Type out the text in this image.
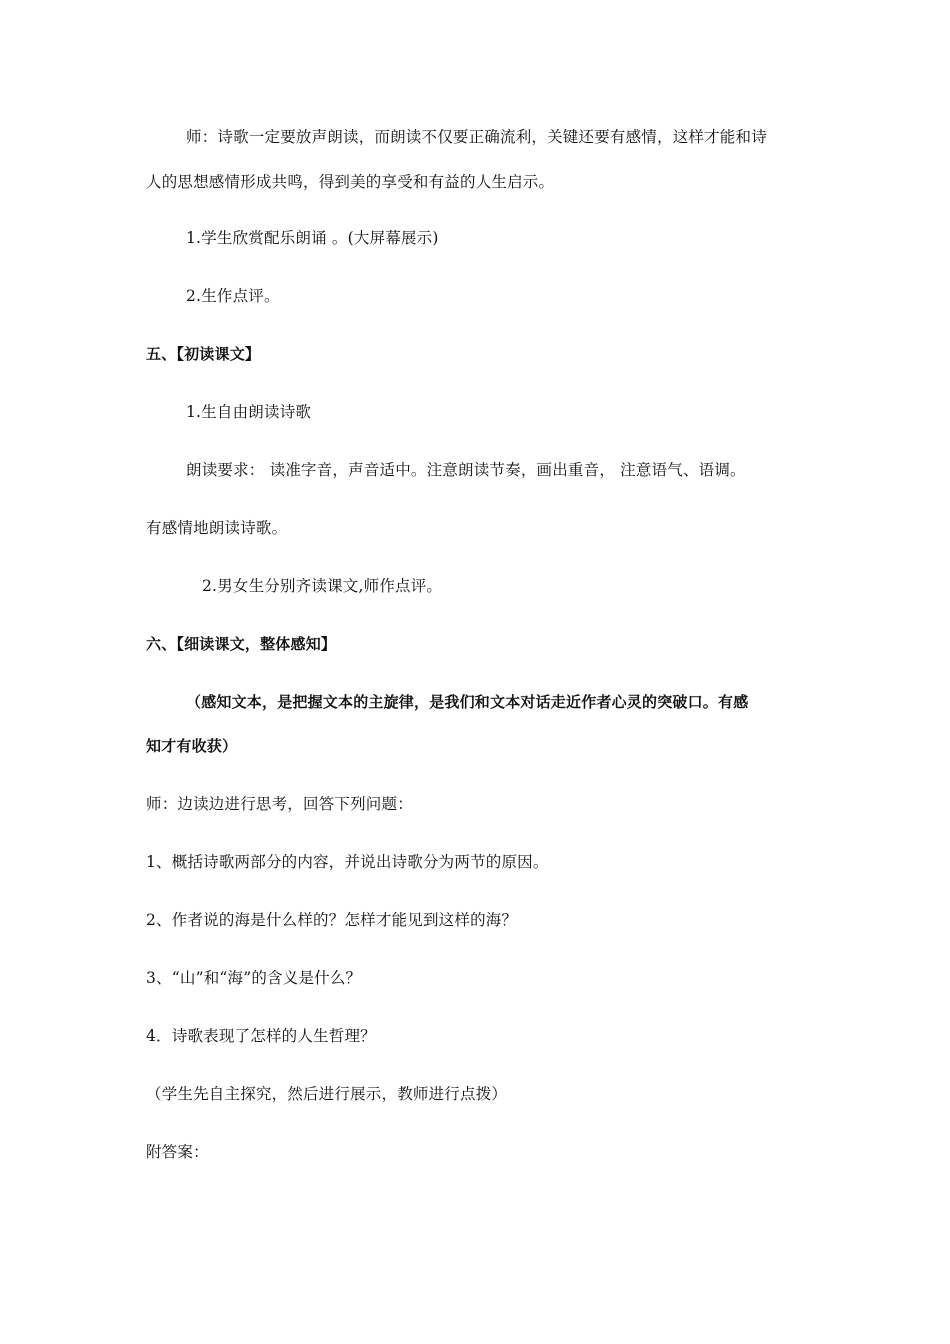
师：诗歌一定要放声朗读，而朗读不仅要正确流利，关键还要有感情，这样才能和诗
人的思想感情形成共鸣，得到美的享受和有益的人生启示。
1.学生欣赏配乐朗诵 。(大屏幕展示)
2.生作点评。
五、【初读课文】
1.生自由朗读诗歌
朗读要求： 读准字音，声音适中。注意朗读节奏，画出重音， 注意语气、语调。
有感情地朗读诗歌。
2.男女生分别齐读课文,师作点评。
六、【细读课文，整体感知】
（感知文本，是把握文本的主旋律，是我们和文本对话走近作者心灵的突破口。有感
知才有收获）
师：边读边进行思考，回答下列问题：
1、概括诗歌两部分的内容，并说出诗歌分为两节的原因。
2、作者说的海是什么样的？怎样才能见到这样的海？
3、“山”和“海”的含义是什么？
4．诗歌表现了怎样的人生哲理？
（学生先自主探究，然后进行展示，教师进行点拨）
附答案：
